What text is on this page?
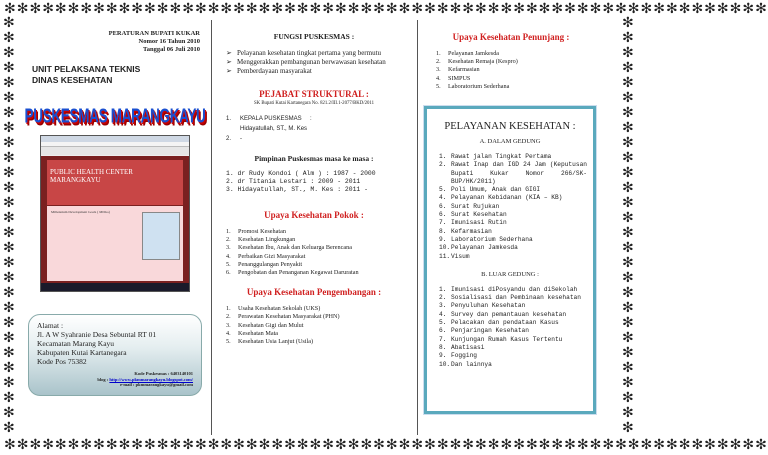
✻✻✻✻✻✻✻✻✻✻✻✻✻✻✻✻✻✻✻✻✻✻✻✻✻✻✻✻✻✻✻✻✻✻✻✻✻✻✻✻✻✻✻✻✻✻✻✻✻✻✻✻✻✻✻✻✻✻✻✻
✻✻✻✻✻✻✻✻✻✻✻✻✻✻✻✻✻✻✻✻✻✻✻✻✻✻✻✻✻✻✻✻✻✻✻✻✻✻✻✻✻✻✻✻✻✻✻✻✻✻✻✻✻✻✻✻✻✻✻✻
✻✻✻✻✻✻✻✻✻✻✻✻✻✻✻✻✻✻✻✻✻✻✻✻✻✻✻✻
✻✻✻✻✻✻✻✻✻✻✻✻✻✻✻✻✻✻✻✻✻✻✻✻✻✻✻✻
PERATURAN BUPATI KUKAR
Nomor 16 Tahun 2010
Tanggal 06 Juli 2010
UNIT PELAKSANA TEKNIS
DINAS KESEHATAN
PUSKESMAS MARANGKAYU
PUBLIC HEALTH CENTER MARANGKAYU
Millennium Development Goals ( MDGs)
Alamat :
Jl. A W Syahranie Desa Sebuntal RT 01
Kecamatan Marang Kayu
Kabupaten Kutai Kartanegara
Kode Pos 75382
Kode Puskesmas : 6403140101
blog : http://www.pkmmarangkayu.blogspot.com/
e-mail : pkmmarangkayu@gmail.com
FUNGSI PUSKESMAS :
➢ Pelayanan kesehatan tingkat pertama yang bermutu
➢ Menggerakkan pembangunan berwawasan kesehatan
➢ Pemberdayaan masyarakat
PEJABAT STRUKTURAL :
SK Bupati Kutai Kartanegara No. 821.2/III.1-2077/BKD/2011
1. KEPALA PUSKESMAS :
Hidayatullah, ST., M. Kes
2. -
Pimpinan Puskesmas masa ke masa :
1. dr Rudy Kondoi ( Alm ) : 1987 - 2000
2. dr Titania Lestari : 2009 - 2011
3. Hidayatullah, ST., M. Kes : 2011 -
Upaya Kesehatan Pokok :
1.	Promosi Kesehatan
2.	Kesehatan Lingkungan
3.	Kesehatan Ibu, Anak dan Keluarga Berencana
4.	Perbaikan Gizi Masyarakat
5.	Penanggulangan Penyakit
6.	Pengobatan dan Penanganan Kegawat Daruratan
Upaya Kesehatan Pengembangan :
1.	Usaha Kesehatan Sekolah (UKS)
2.	Perawatan Kesehatan Masyarakat (PHN)
3.	Kesehatan Gigi dan Mulut
4.	Kesehatan Mata
5.	Kesehatan Usia Lanjut (Usila)
Upaya Kesehatan Penunjang :
1.	Pelayanan Jamkesda
2.	Kesehatan Remaja (Kespro)
3.	Kefarmasian
4.	SIMPUS
5.	Laboratorium Sederhana
PELAYANAN KESEHATAN :
A. DALAM GEDUNG
1. Rawat jalan Tingkat Pertama
2. Rawat Inap dan IGD 24 Jam (Keputusan Bupati Kukar Nomor 266/SK-BUP/HK/2011)
5. Poli Umum, Anak dan GIGI
4. Pelayanan Kebidanan (KIA – KB)
6. Surat Rujukan
6. Surat Kesehatan
7. Imunisasi Rutin
8. Kefarmasian
9. Laboratorium Sederhana
10. Pelayanan Jamkesda
11. Visum
B. LUAR GEDUNG :
1. Imunisasi diPosyandu dan diSekolah
2. Sosialisasi dan Pembinaan kesehatan
3. Penyuluhan Kesehatan
4. Survey dan pemantauan kesehatan
5. Pelacakan dan pendataan Kasus
6. Penjaringan Kesehatan
7. Kunjungan Rumah Kasus Tertentu
8. Abatisasi
9. Fogging
10. Dan lainnya
